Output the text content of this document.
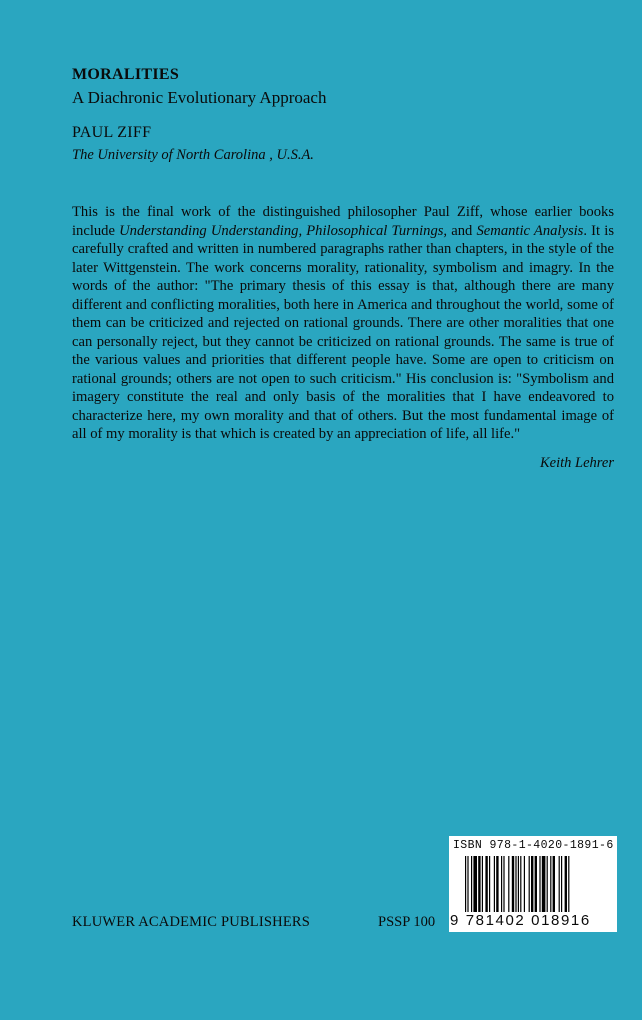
MORALITIES
A Diachronic Evolutionary Approach
PAUL ZIFF
The University of North Carolina , U.S.A.
This is the final work of the distinguished philosopher Paul Ziff, whose earlier books include Understanding Understanding, Philosophical Turnings, and Semantic Analysis. It is carefully crafted and written in numbered paragraphs rather than chapters, in the style of the later Wittgenstein. The work concerns morality, rationality, symbolism and imagry. In the words of the author: "The primary thesis of this essay is that, although there are many different and conflicting moralities, both here in America and throughout the world, some of them can be criticized and rejected on rational grounds. There are other moralities that one can personally reject, but they cannot be criticized on rational grounds. The same is true of the various values and priorities that different people have. Some are open to criticism on rational grounds; others are not open to such criticism." His conclusion is: "Symbolism and imagery constitute the real and only basis of the moralities that I have endeavored to characterize here, my own morality and that of others. But the most fundamental image of all of my morality is that which is created by an appreciation of life, all life."
Keith Lehrer
KLUWER ACADEMIC PUBLISHERS	PSSP 100
ISBN 978-1-4020-1891-6
9 781402 018916
